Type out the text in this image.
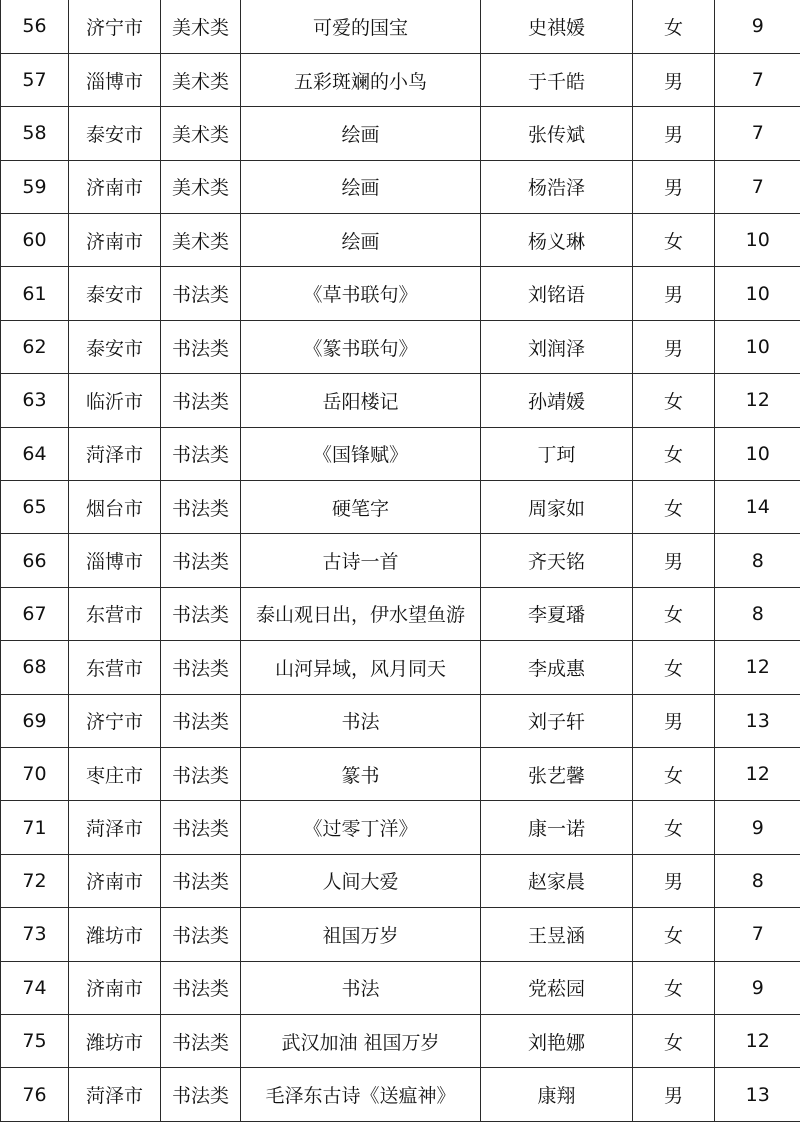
56	济宁市	美术类	可爱的国宝	史祺媛	女	9
57	淄博市	美术类	五彩斑斓的小鸟	于千皓	男	7
58	泰安市	美术类	绘画	张传斌	男	7
59	济南市	美术类	绘画	杨浩泽	男	7
60	济南市	美术类	绘画	杨义琳	女	10
61	泰安市	书法类	《草书联句》	刘铭语	男	10
62	泰安市	书法类	《篆书联句》	刘润泽	男	10
63	临沂市	书法类	岳阳楼记	孙靖媛	女	12
64	菏泽市	书法类	《国锋赋》	丁珂	女	10
65	烟台市	书法类	硬笔字	周家如	女	14
66	淄博市	书法类	古诗一首	齐天铭	男	8
67	东营市	书法类	泰山观日出，伊水望鱼游	李夏璠	女	8
68	东营市	书法类	山河异域，风月同天	李成惠	女	12
69	济宁市	书法类	书法	刘子轩	男	13
70	枣庄市	书法类	篆书	张艺馨	女	12
71	菏泽市	书法类	《过零丁洋》	康一诺	女	9
72	济南市	书法类	人间大爱	赵家晨	男	8
73	潍坊市	书法类	祖国万岁	王昱涵	女	7
74	济南市	书法类	书法	党菘园	女	9
75	潍坊市	书法类	武汉加油 祖国万岁	刘艳娜	女	12
76	菏泽市	书法类	毛泽东古诗《送瘟神》	康翔	男	13
